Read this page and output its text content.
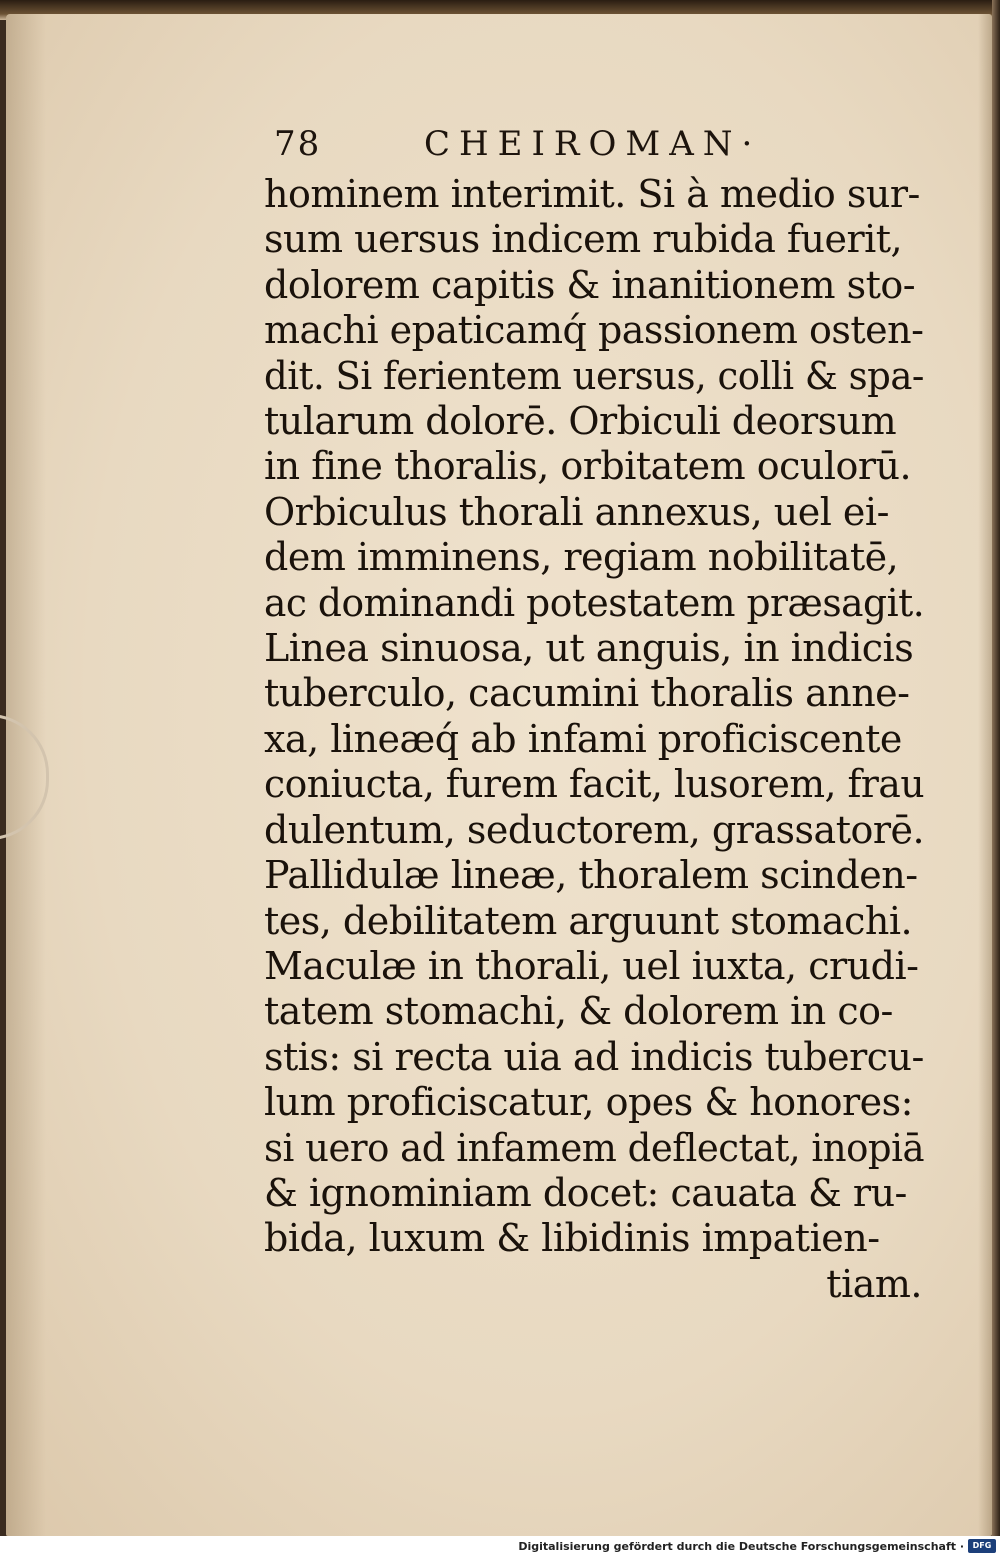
78	CHEIROMAN·
hominem interimit. Si à medio sur-
sum uersus indicem rubida fuerit,
dolorem capitis & inanitionem sto-
machi epaticamq́ passionem osten-
dit. Si ferientem uersus, colli & spa-
tularum dolorē. Orbiculi deorsum
in fine thoralis, orbitatem oculorū.
Orbiculus thorali annexus, uel ei-
dem imminens, regiam nobilitatē,
ac dominandi potestatem præsagit.
Linea sinuosa, ut anguis, in indicis
tuberculo, cacumini thoralis anne-
xa, lineæq́ ab infami proficiscente
coniucta, furem facit, lusorem, frau
dulentum, seductorem, grassatorē.
Pallidulæ lineæ, thoralem scinden-
tes, debilitatem arguunt stomachi.
Maculæ in thorali, uel iuxta, crudi-
tatem stomachi, & dolorem in co-
stis: si recta uia ad indicis tubercu-
lum proficiscatur, opes & honores:
si uero ad infamem deflectat, inopiā
& ignominiam docet: cauata & ru-
bida, luxum & libidinis impatien-
tiam.

Digitalisierung gefördert durch die Deutsche Forschungsgemeinschaft ·	DFG
